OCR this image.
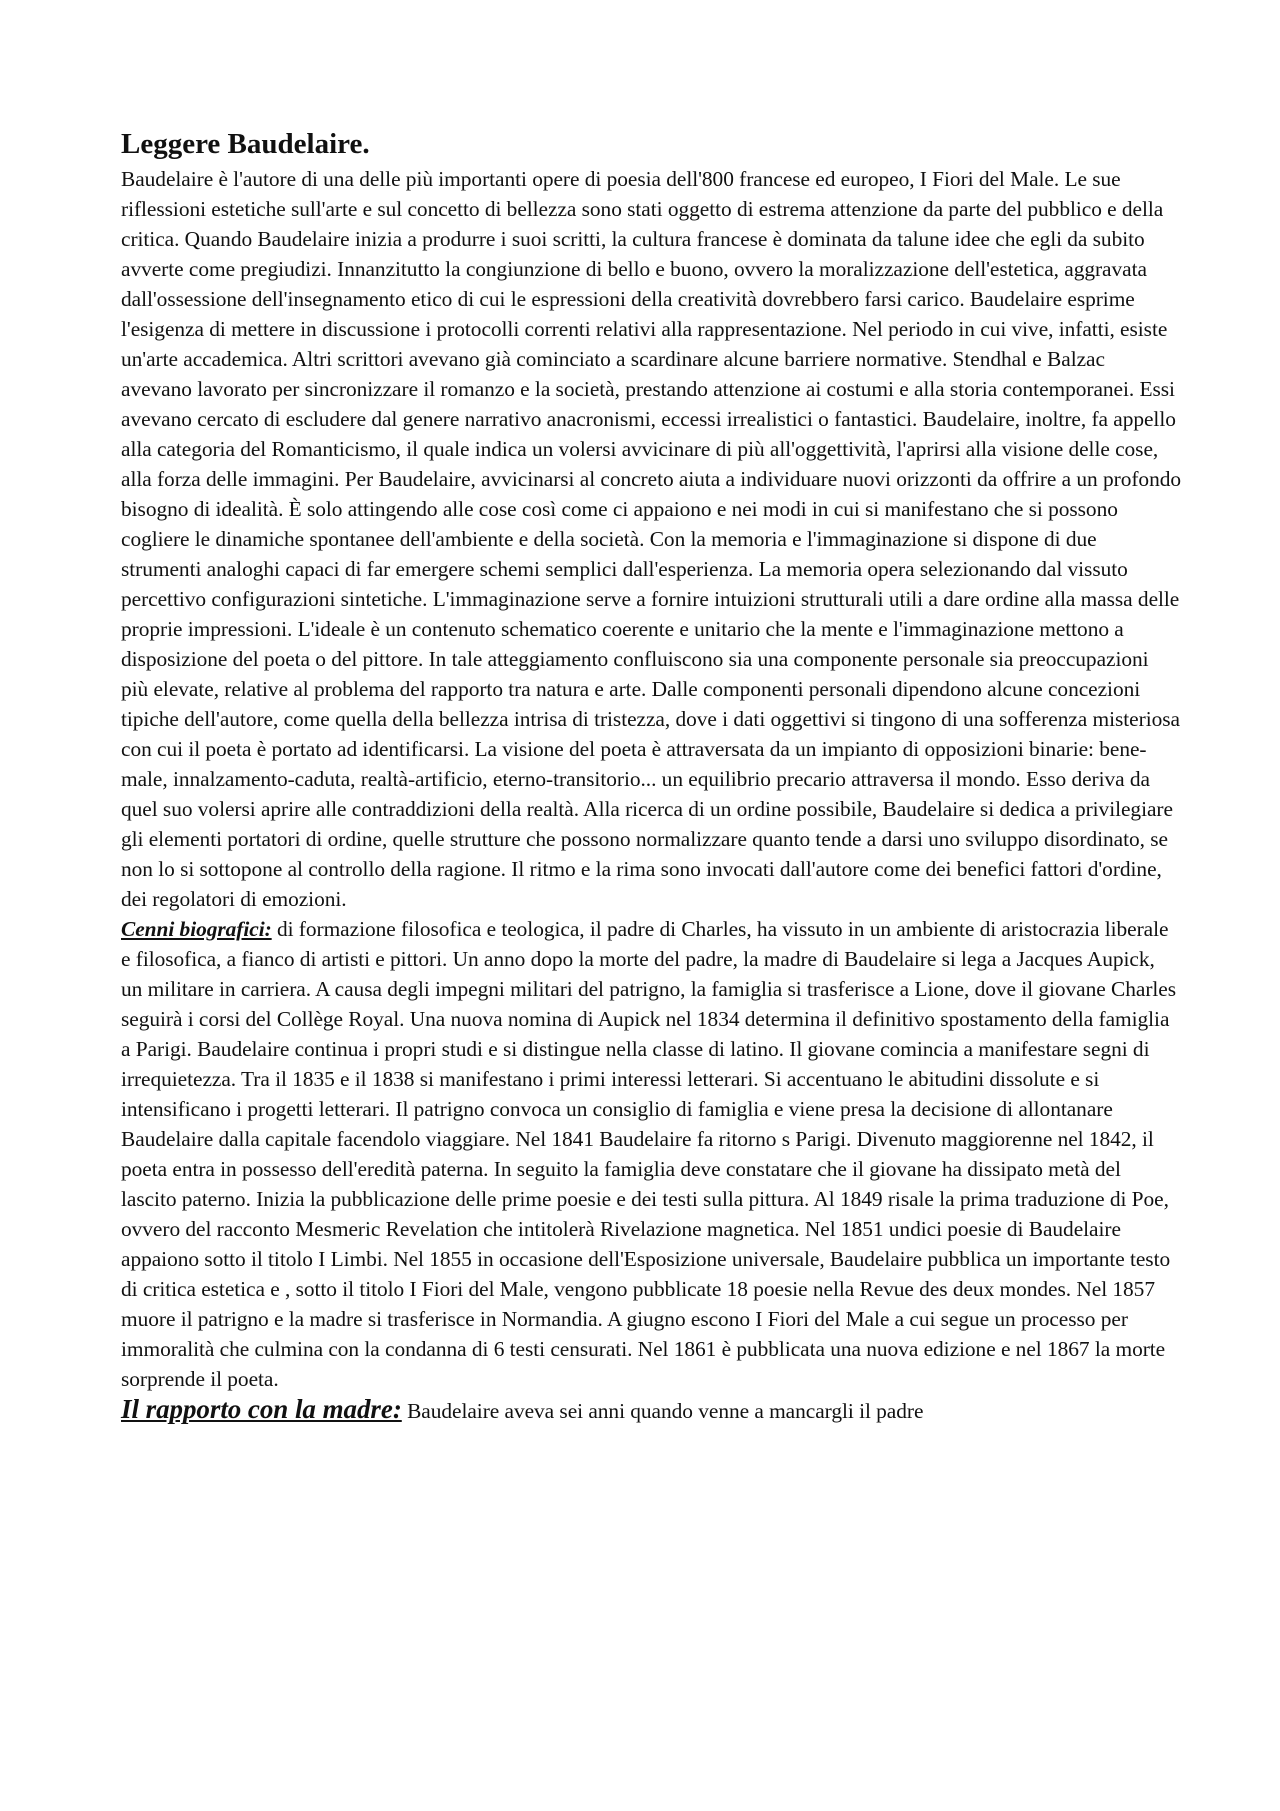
Leggere Baudelaire.

Baudelaire è l'autore di una delle più importanti opere di poesia dell'800 francese ed europeo, I Fiori del Male. Le sue riflessioni estetiche sull'arte e sul concetto di bellezza sono stati oggetto di estrema attenzione da parte del pubblico e della critica. Quando Baudelaire inizia a produrre i suoi scritti, la cultura francese è dominata da talune idee che egli da subito avverte come pregiudizi. Innanzitutto la congiunzione di bello e buono, ovvero la moralizzazione dell'estetica, aggravata dall'ossessione dell'insegnamento etico di cui le espressioni della creatività dovrebbero farsi carico. Baudelaire esprime l'esigenza di mettere in discussione i protocolli correnti relativi alla rappresentazione. Nel periodo in cui vive, infatti, esiste un'arte accademica. Altri scrittori avevano già cominciato a scardinare alcune barriere normative. Stendhal e Balzac avevano lavorato per sincronizzare il romanzo e la società, prestando attenzione ai costumi e alla storia contemporanei. Essi avevano cercato di escludere dal genere narrativo anacronismi, eccessi irrealistici o fantastici. Baudelaire, inoltre, fa appello alla categoria del Romanticismo, il quale indica un volersi avvicinare di più all'oggettività, l'aprirsi alla visione delle cose, alla forza delle immagini. Per Baudelaire, avvicinarsi al concreto aiuta a individuare nuovi orizzonti da offrire a un profondo bisogno di idealità. È solo attingendo alle cose così come ci appaiono e nei modi in cui si manifestano che si possono cogliere le dinamiche spontanee dell'ambiente e della società. Con la memoria e l'immaginazione si dispone di due strumenti analoghi capaci di far emergere schemi semplici dall'esperienza. La memoria opera selezionando dal vissuto percettivo configurazioni sintetiche. L'immaginazione serve a fornire intuizioni strutturali utili a dare ordine alla massa delle proprie impressioni. L'ideale è un contenuto schematico coerente e unitario che la mente e l'immaginazione mettono a disposizione del poeta o del pittore. In tale atteggiamento confluiscono sia una componente personale sia preoccupazioni più elevate, relative al problema del rapporto tra natura e arte. Dalle componenti personali dipendono alcune concezioni tipiche dell'autore, come quella della bellezza intrisa di tristezza, dove i dati oggettivi si tingono di una sofferenza misteriosa con cui il poeta è portato ad identificarsi. La visione del poeta è attraversata da un impianto di opposizioni binarie: bene-male, innalzamento-caduta, realtà-artificio, eterno-transitorio... un equilibrio precario attraversa il mondo. Esso deriva da quel suo volersi aprire alle contraddizioni della realtà. Alla ricerca di un ordine possibile, Baudelaire si dedica a privilegiare gli elementi portatori di ordine, quelle strutture che possono normalizzare quanto tende a darsi uno sviluppo disordinato, se non lo si sottopone al controllo della ragione. Il ritmo e la rima sono invocati dall'autore come dei benefici fattori d'ordine, dei regolatori di emozioni.

Cenni biografici: di formazione filosofica e teologica, il padre di Charles, ha vissuto in un ambiente di aristocrazia liberale e filosofica, a fianco di artisti e pittori. Un anno dopo la morte del padre, la madre di Baudelaire si lega a Jacques Aupick, un militare in carriera. A causa degli impegni militari del patrigno, la famiglia si trasferisce a Lione, dove il giovane Charles seguirà i corsi del Collège Royal. Una nuova nomina di Aupick nel 1834 determina il definitivo spostamento della famiglia a Parigi. Baudelaire continua i propri studi e si distingue nella classe di latino. Il giovane comincia a manifestare segni di irrequietezza. Tra il 1835 e il 1838 si manifestano i primi interessi letterari. Si accentuano le abitudini dissolute e si intensificano i progetti letterari. Il patrigno convoca un consiglio di famiglia e viene presa la decisione di allontanare Baudelaire dalla capitale facendolo viaggiare. Nel 1841 Baudelaire fa ritorno s Parigi. Divenuto maggiorenne nel 1842, il poeta entra in possesso dell'eredità paterna. In seguito la famiglia deve constatare che il giovane ha dissipato metà del lascito paterno. Inizia la pubblicazione delle prime poesie e dei testi sulla pittura. Al 1849 risale la prima traduzione di Poe, ovvero del racconto Mesmeric Revelation che intitolerà Rivelazione magnetica. Nel 1851 undici poesie di Baudelaire appaiono sotto il titolo I Limbi. Nel 1855 in occasione dell'Esposizione universale, Baudelaire pubblica un importante testo di critica estetica e , sotto il titolo I Fiori del Male, vengono pubblicate 18 poesie nella Revue des deux mondes. Nel 1857 muore il patrigno e la madre si trasferisce in Normandia. A giugno escono I Fiori del Male a cui segue un processo per immoralità che culmina con la condanna di 6 testi censurati. Nel 1861 è pubblicata una nuova edizione e nel 1867 la morte sorprende il poeta.

Il rapporto con la madre: Baudelaire aveva sei anni quando venne a mancargli il padre
